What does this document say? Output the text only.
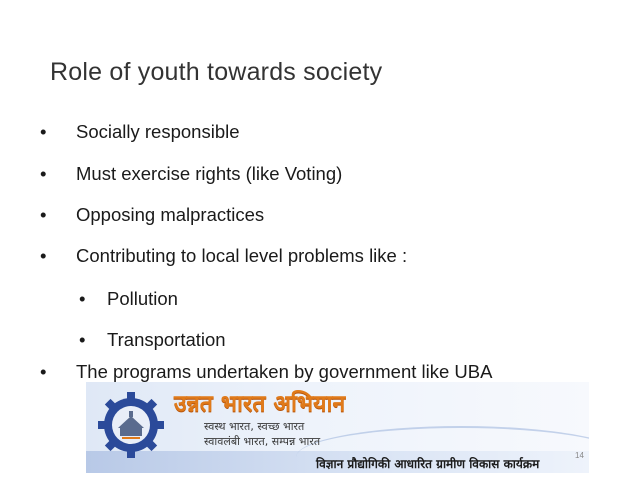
Role of youth towards society
• Socially responsible
• Must exercise rights (like Voting)
• Opposing malpractices
• Contributing to local level problems like :
• Pollution
• Transportation
• The programs undertaken by government like UBA
उन्नत भारत अभियान
स्वस्थ भारत, स्वच्छ भारत
स्वावलंबी भारत, सम्पन्न भारत
विज्ञान प्रौद्योगिकी आधारित ग्रामीण विकास कार्यक्रम
14
